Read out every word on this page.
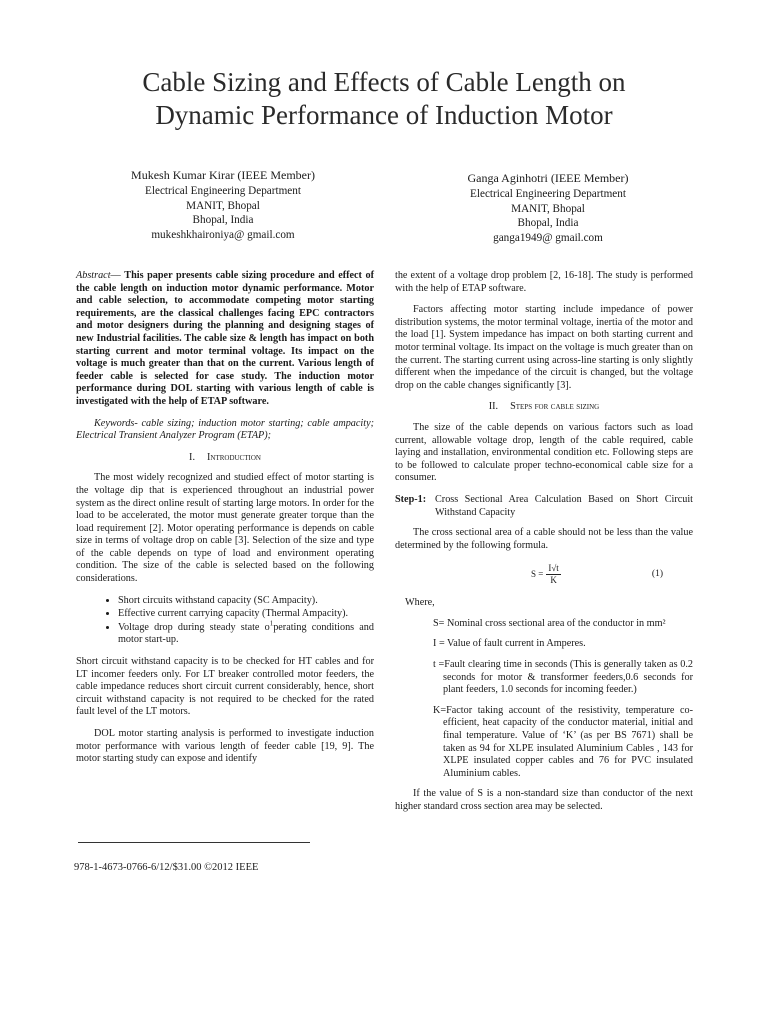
Cable Sizing and Effects of Cable Length on
Dynamic Performance of Induction Motor
Mukesh Kumar Kirar (IEEE Member)
Electrical Engineering Department
MANIT, Bhopal
Bhopal, India
mukeshkhaironiya@ gmail.com
Ganga Aginhotri (IEEE Member)
Electrical Engineering Department
MANIT, Bhopal
Bhopal, India
ganga1949@ gmail.com

Abstract— This paper presents cable sizing procedure and effect of the cable length on induction motor dynamic performance. Motor and cable selection, to accommodate competing motor starting requirements, are the classical challenges facing EPC contractors and motor designers during the planning and designing stages of new Industrial facilities. The cable size & length has impact on both starting current and motor terminal voltage. Its impact on the voltage is much greater than that on the current. Various length of feeder cable is selected for case study. The induction motor performance during DOL starting with various length of cable is investigated with the help of ETAP software.

Keywords- cable sizing; induction motor starting; cable ampacity; Electrical Transient Analyzer Program (ETAP);

I. Introduction

The most widely recognized and studied effect of motor starting is the voltage dip that is experienced throughout an industrial power system as the direct online result of starting large motors. In order for the load to be accelerated, the motor must generate greater torque than the load requirement [2]. Motor operating performance is depends on cable size in terms of voltage drop on cable [3]. Selection of the size and type of the cable depends on type of load and environment operating condition. The size of the cable is selected based on the following considerations.

• Short circuits withstand capacity (SC Ampacity).
• Effective current carrying capacity (Thermal Ampacity).
• Voltage drop during steady state $o^1perating$ conditions and motor start-up.

Short circuit withstand capacity is to be checked for HT cables and for LT incomer feeders only. For LT breaker controlled motor feeders, the cable impedance reduces short circuit current considerably, hence, short circuit withstand capacity is not required to be checked for the rated fault level of the LT motors.

DOL motor starting analysis is performed to investigate induction motor performance with various length of feeder cable [19, 9]. The motor starting study can expose and identify

978-1-4673-0766-6/12/$31.00 ©2012 IEEE

the extent of a voltage drop problem [2, 16-18]. The study is performed with the help of ETAP software.

Factors affecting motor starting include impedance of power distribution systems, the motor terminal voltage, inertia of the motor and the load [1]. System impedance has impact on both starting current and motor terminal voltage. Its impact on the voltage is much greater than on the current. The starting current using across-line starting is only slightly different when the impedance of the circuit is changed, but the voltage drop on the cable changes significantly [3].

II. Steps for cable sizing

The size of the cable depends on various factors such as load current, allowable voltage drop, length of the cable required, cable laying and installation, environmental condition etc. Following steps are to be followed to calculate proper techno-economical cable size for a consumer.

Step-1: Cross Sectional Area Calculation Based on Short Circuit Withstand Capacity

The cross sectional area of a cable should not be less than the value determined by the following formula.

$S = \frac{I√t}{K}$	(1)
Where,
S= Nominal cross sectional area of the conductor in mm²
I = Value of fault current in Amperes.
t =Fault clearing time in seconds (This is generally taken as 0.2 seconds for motor & transformer feeders,0.6 seconds for plant feeders, 1.0 seconds for incoming feeder.)
K=Factor taking account of the resistivity, temperature co-efficient, heat capacity of the conductor material, initial and final temperature. Value of ‘K’ (as per BS 7671) shall be taken as 94 for XLPE insulated Aluminium Cables , 143 for XLPE insulated copper cables and 76 for PVC insulated Aluminium cables.

If the value of S is a non-standard size than conductor of the next higher standard cross section area may be selected.
